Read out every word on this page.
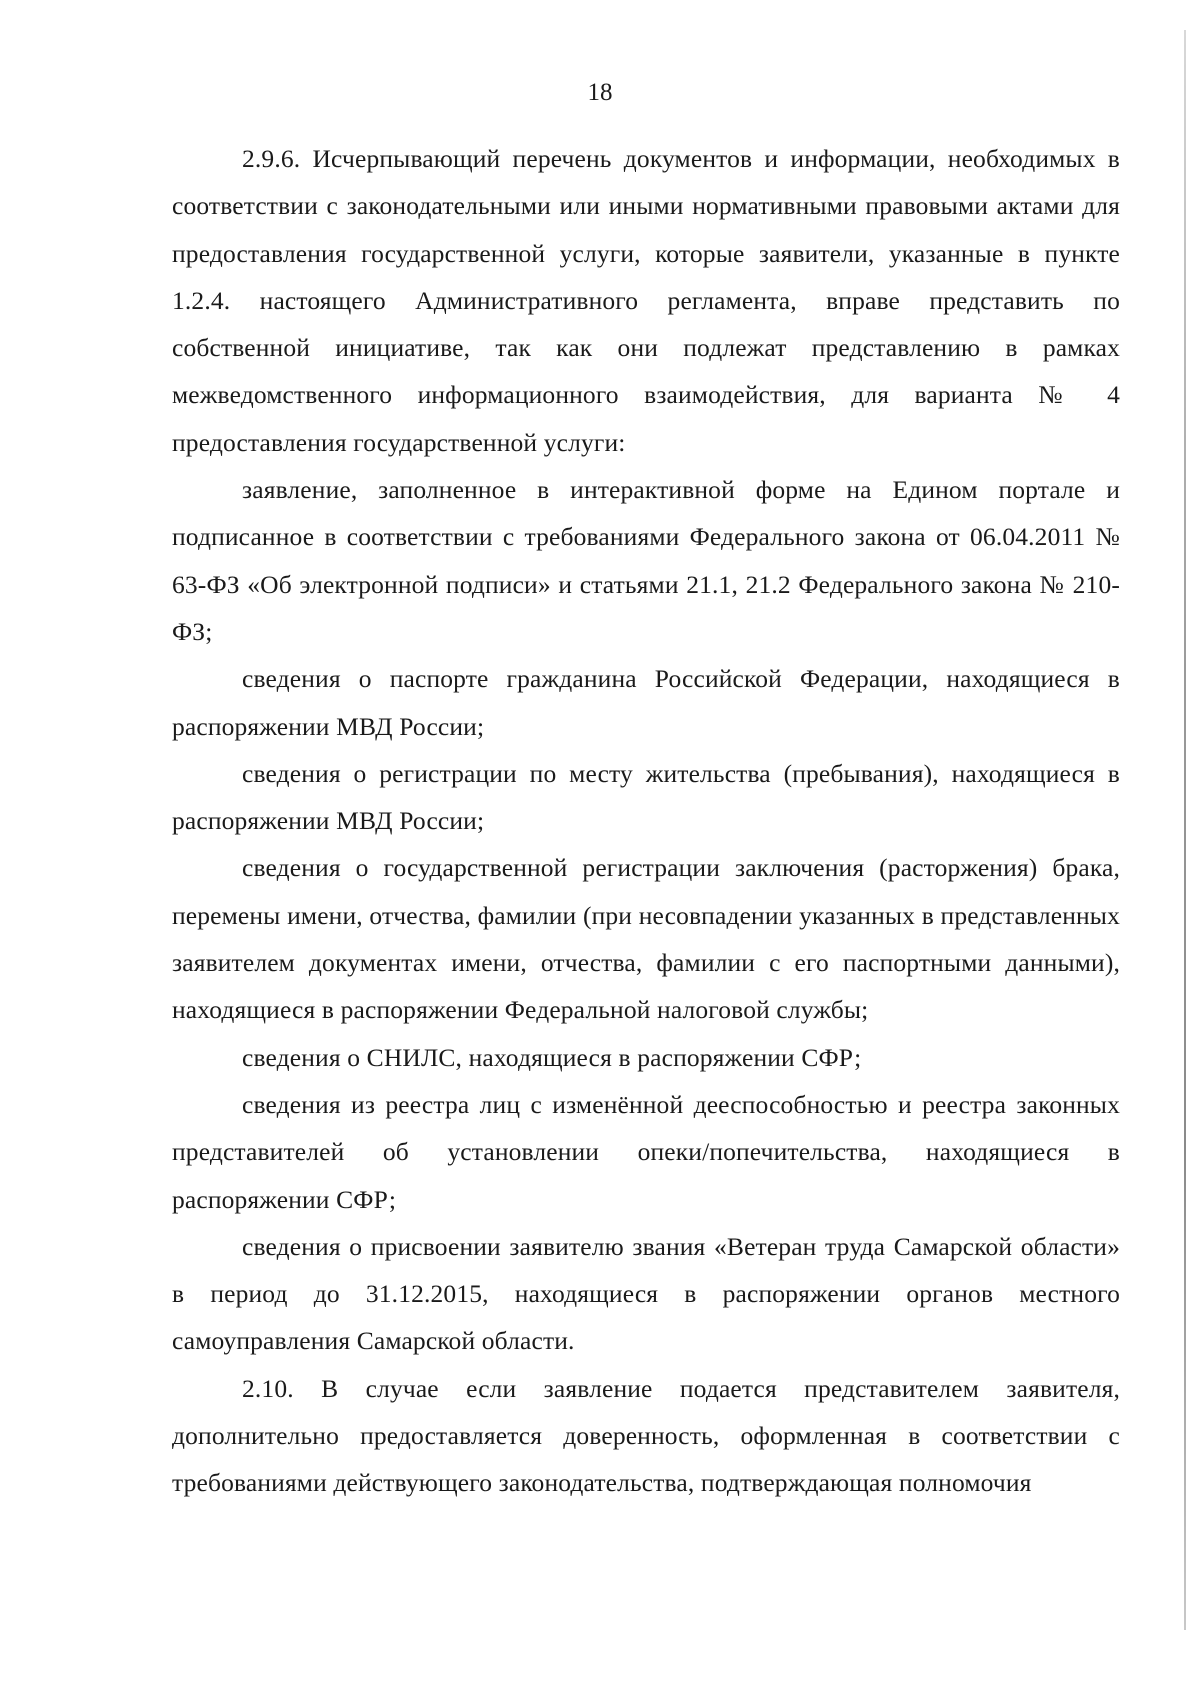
18

2.9.6. Исчерпывающий перечень документов и информации, необходимых в соответствии с законодательными или иными нормативными правовыми актами для предоставления государственной услуги, которые заявители, указанные в пункте 1.2.4. настоящего Административного регламента, вправе представить по собственной инициативе, так как они подлежат представлению в рамках межведомственного информационного взаимодействия, для варианта № 4 предоставления государственной услуги:

заявление, заполненное в интерактивной форме на Едином портале и подписанное в соответствии с требованиями Федерального закона от 06.04.2011 № 63-ФЗ «Об электронной подписи» и статьями 21.1, 21.2 Федерального закона № 210-ФЗ;

сведения о паспорте гражданина Российской Федерации, находящиеся в распоряжении МВД России;

сведения о регистрации по месту жительства (пребывания), находящиеся в распоряжении МВД России;

сведения о государственной регистрации заключения (расторжения) брака, перемены имени, отчества, фамилии (при несовпадении указанных в представленных заявителем документах имени, отчества, фамилии с его паспортными данными), находящиеся в распоряжении Федеральной налоговой службы;

сведения о СНИЛС, находящиеся в распоряжении СФР;

сведения из реестра лиц с изменённой дееспособностью и реестра законных представителей об установлении опеки/попечительства, находящиеся в распоряжении СФР;

сведения о присвоении заявителю звания «Ветеран труда Самарской области» в период до 31.12.2015, находящиеся в распоряжении органов местного самоуправления Самарской области.

2.10. В случае если заявление подается представителем заявителя, дополнительно предоставляется доверенность, оформленная в соответствии с требованиями действующего законодательства, подтверждающая полномочия
